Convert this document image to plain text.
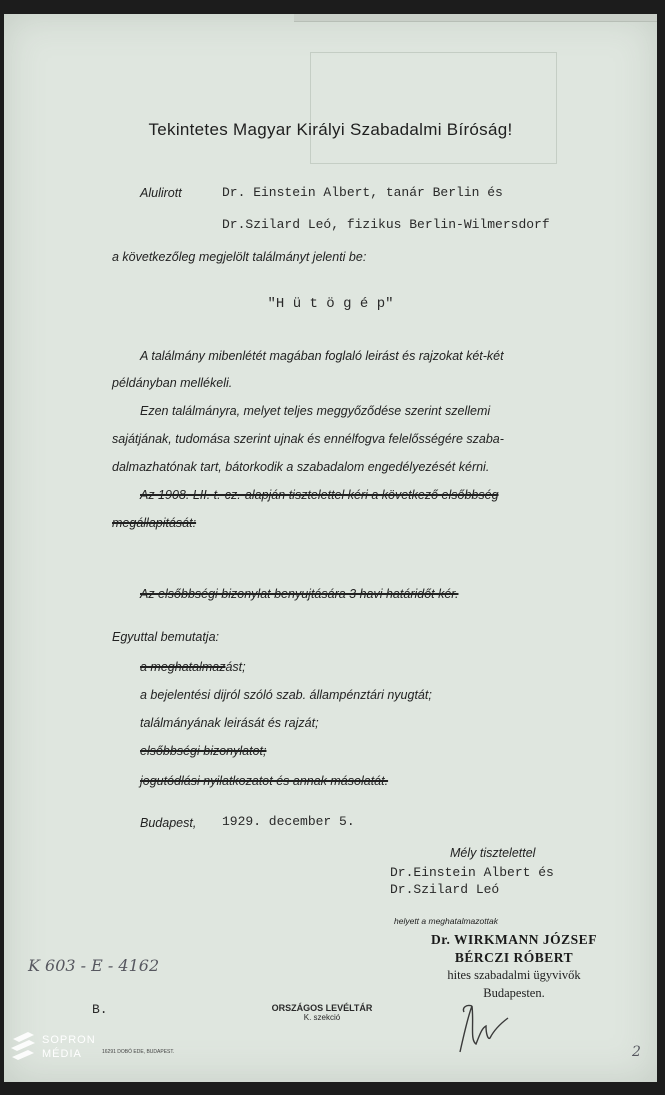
Tekintetes Magyar Királyi Szabadalmi Bíróság!
Alulirott	Dr. Einstein Albert, tanár Berlin és
Dr.Szilard Leó, fizikus Berlin-Wilmersdorf
a következőleg megjelölt találmányt jelenti be:
"H ü t ö g é p"
A találmány mibenlétét magában foglaló leirást és rajzokat két-két
példányban mellékeli.
Ezen találmányra, melyet teljes meggyőződése szerint szellemi
sajátjának, tudomása szerint ujnak és ennélfogva felelősségére szaba-
dalmazhatónak tart, bátorkodik a szabadalom engedélyezését kérni.
Az 1908. LII. t.-cz.-alapján tisztelettel kéri a következő elsőbbség
megállapitását:
Az elsőbbségi bizonylat benyujtására 3 havi határidőt kér.
Egyuttal bemutatja:
a meghatalmazást;
a bejelentési dijról szóló szab. állampénztári nyugtát;
találmányának leirását és rajzát;
elsőbbségi bizonylatot;
jogutódlási nyilatkozatot és annak másolatát.
Budapest, 1929. december 5.
Mély tisztelettel
Dr.Einstein Albert és
Dr.Szilard Leó
helyett a meghatalmazottak
Dr. WIRKMANN JÓZSEF
BÉRCZI RÓBERT
hites szabadalmi ügyvivők
Budapesten.
K 603 - E - 4162
B.	ORSZÁGOS LEVÉLTÁR
K. szekció
16291 DOBÓ EDE, BUDAPEST.	2
SOPRON
MÉDIA
